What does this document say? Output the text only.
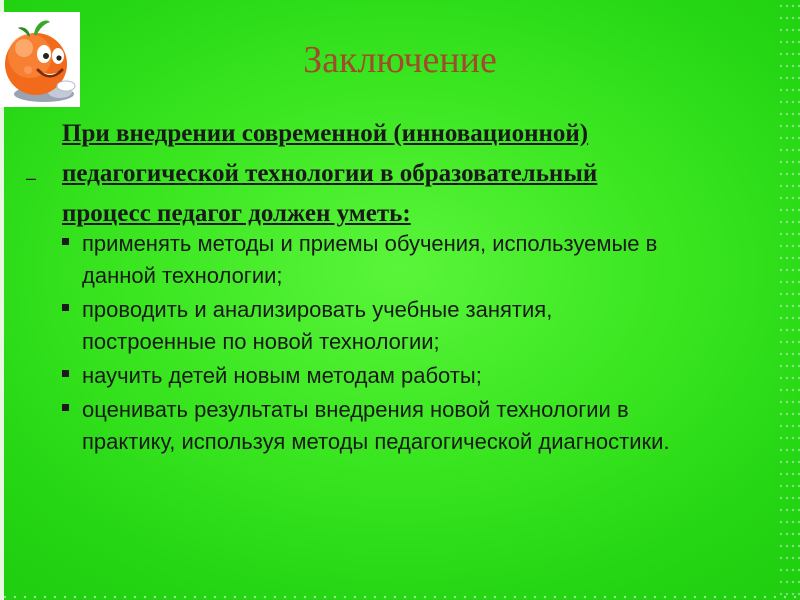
Заключение
–
При внедрении современной (инновационной)
педагогической технологии в образовательный
процесс педагог должен уметь:
применять методы и приемы обучения, используемые в
данной технологии;
проводить и анализировать учебные занятия,
построенные по новой технологии;
научить детей новым методам работы;
оценивать результаты внедрения новой технологии в
практику, используя методы педагогической диагностики.
